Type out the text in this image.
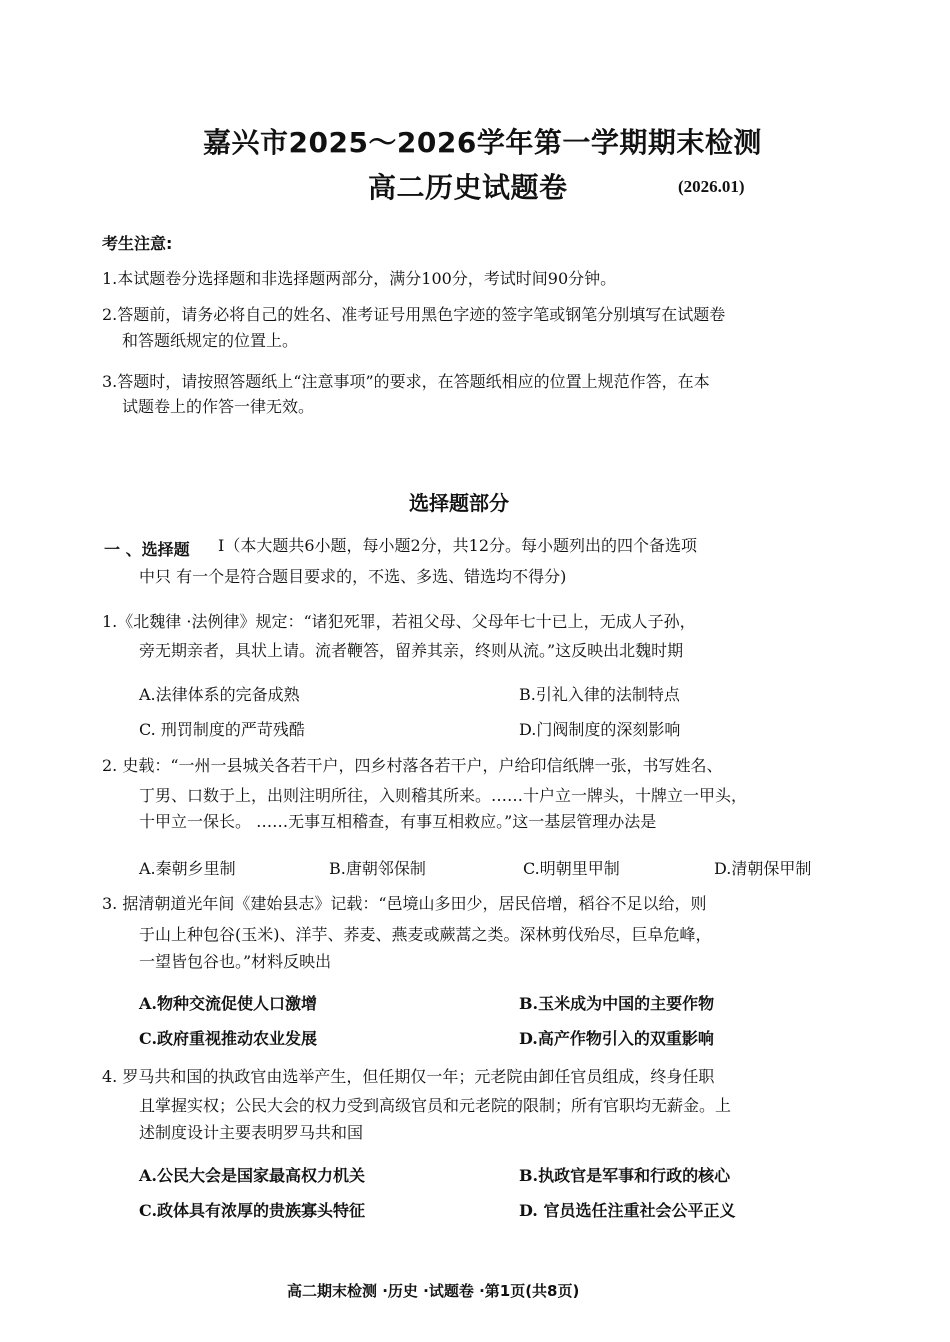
嘉兴市2025～2026学年第一学期期末检测
高二历史试题卷	(2026.01)
考生注意:
1.本试题卷分选择题和非选择题两部分，满分100分，考试时间90分钟。
2.答题前，请务必将自己的姓名、准考证号用黑色字迹的签字笔或钢笔分别填写在试题卷
和答题纸规定的位置上。
3.答题时，请按照答题纸上“注意事项”的要求，在答题纸相应的位置上规范作答，在本
试题卷上的作答一律无效。
选择题部分
一 、选择题 Ⅰ（本大题共6小题，每小题2分，共12分。每小题列出的四个备选项
中只 有一个是符合题目要求的，不选、多选、错选均不得分)
1.《北魏律 ·法例律》规定：“诸犯死罪，若祖父母、父母年七十已上，无成人子孙，
旁无期亲者，具状上请。流者鞭答，留养其亲，终则从流。”这反映出北魏时期
A.法律体系的完备成熟	B.引礼入律的法制特点
C. 刑罚制度的严苛残酷	D.门阀制度的深刻影响
2. 史载：“一州一县城关各若干户，四乡村落各若干户，户给印信纸牌一张，书写姓名、
丁男、口数于上，出则注明所往，入则稽其所来。……十户立一牌头，十牌立一甲头，
十甲立一保长。 ……无事互相稽查，有事互相救应。”这一基层管理办法是
A.秦朝乡里制	B.唐朝邻保制	C.明朝里甲制	D.清朝保甲制
3. 据清朝道光年间《建始县志》记载：“邑境山多田少，居民倍增，稻谷不足以给，则
于山上种包谷(玉米)、洋芋、荞麦、燕麦或蕨蒿之类。深林剪伐殆尽，巨阜危峰，
一望皆包谷也。”材料反映出
A.物种交流促使人口激增	B.玉米成为中国的主要作物
C.政府重视推动农业发展	D.高产作物引入的双重影响
4. 罗马共和国的执政官由选举产生，但任期仅一年；元老院由卸任官员组成，终身任职
且掌握实权；公民大会的权力受到高级官员和元老院的限制；所有官职均无薪金。上
述制度设计主要表明罗马共和国
A.公民大会是国家最高权力机关	B.执政官是军事和行政的核心
C.政体具有浓厚的贵族寡头特征	D. 官员选任注重社会公平正义
高二期末检测 ·历史 ·试题卷 ·第1页(共8页)
